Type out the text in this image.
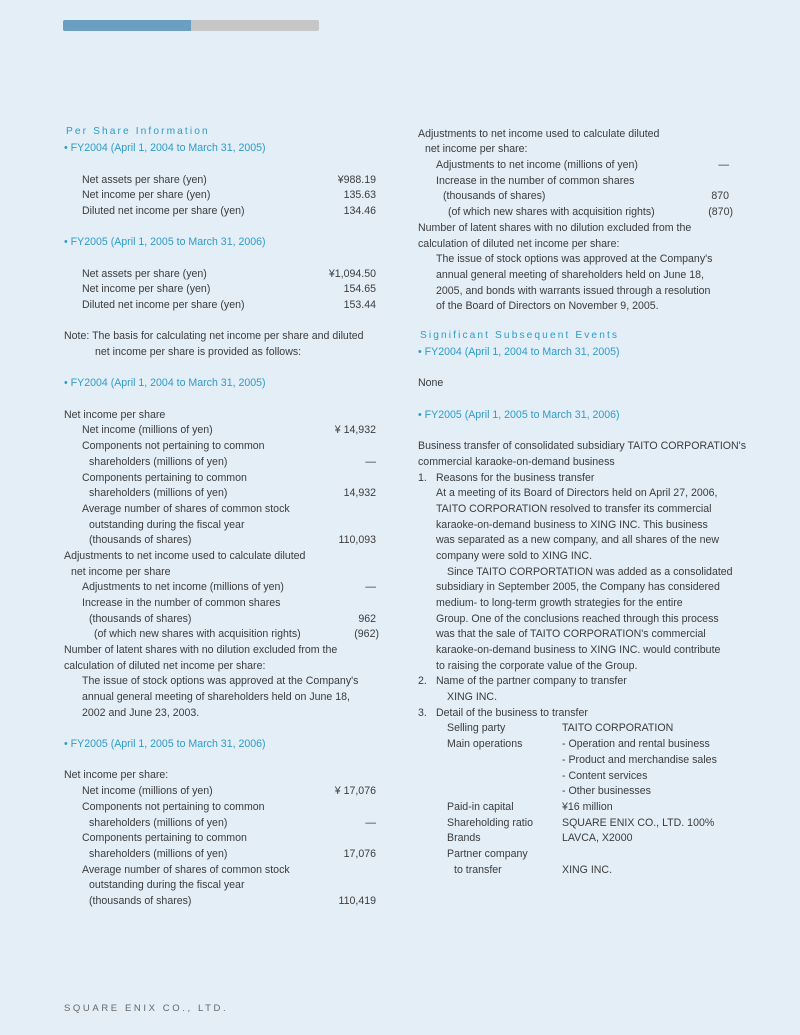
Per Share Information
• FY2004 (April 1, 2004 to March 31, 2005)
Net assets per share (yen)	¥988.19
Net income per share (yen)	135.63
Diluted net income per share (yen)	134.46
• FY2005 (April 1, 2005 to March 31, 2006)
Net assets per share (yen)	¥1,094.50
Net income per share (yen)	154.65
Diluted net income per share (yen)	153.44
Note: The basis for calculating net income per share and diluted
net income per share is provided as follows:
• FY2004 (April 1, 2004 to March 31, 2005)
Net income per share
Net income (millions of yen)	¥ 14,932
Components not pertaining to common
shareholders (millions of yen)	—
Components pertaining to common
shareholders (millions of yen)	14,932
Average number of shares of common stock
outstanding during the fiscal year
(thousands of shares)	110,093
Adjustments to net income used to calculate diluted
net income per share
Adjustments to net income (millions of yen)	—
Increase in the number of common shares
(thousands of shares)	962
(of which new shares with acquisition rights)	(962)
Number of latent shares with no dilution excluded from the
calculation of diluted net income per share:
The issue of stock options was approved at the Company's
annual general meeting of shareholders held on June 18,
2002 and June 23, 2003.
• FY2005 (April 1, 2005 to March 31, 2006)
Net income per share:
Net income (millions of yen)	¥ 17,076
Components not pertaining to common
shareholders (millions of yen)	—
Components pertaining to common
shareholders (millions of yen)	17,076
Average number of shares of common stock
outstanding during the fiscal year
(thousands of shares)	110,419
Adjustments to net income used to calculate diluted
net income per share:
Adjustments to net income (millions of yen)	—
Increase in the number of common shares
(thousands of shares)	870
(of which new shares with acquisition rights)	(870)
Number of latent shares with no dilution excluded from the
calculation of diluted net income per share:
The issue of stock options was approved at the Company's
annual general meeting of shareholders held on June 18,
2005, and bonds with warrants issued through a resolution
of the Board of Directors on November 9, 2005.
Significant Subsequent Events
• FY2004 (April 1, 2004 to March 31, 2005)
None
• FY2005 (April 1, 2005 to March 31, 2006)
Business transfer of consolidated subsidiary TAITO CORPORATION's
commercial karaoke-on-demand business
1. Reasons for the business transfer
At a meeting of its Board of Directors held on April 27, 2006,
TAITO CORPORATION resolved to transfer its commercial
karaoke-on-demand business to XING INC. This business
was separated as a new company, and all shares of the new
company were sold to XING INC.
Since TAITO CORPORTATION was added as a consolidated
subsidiary in September 2005, the Company has considered
medium- to long-term growth strategies for the entire
Group. One of the conclusions reached through this process
was that the sale of TAITO CORPORATION's commercial
karaoke-on-demand business to XING INC. would contribute
to raising the corporate value of the Group.
2. Name of the partner company to transfer
XING INC.
3. Detail of the business to transfer
Selling party	TAITO CORPORATION
Main operations	- Operation and rental business
- Product and merchandise sales
- Content services
- Other businesses
Paid-in capital	¥16 million
Shareholding ratio	SQUARE ENIX CO., LTD. 100%
Brands	LAVCA, X2000
Partner company
to transfer	XING INC.
SQUARE ENIX CO., LTD.
